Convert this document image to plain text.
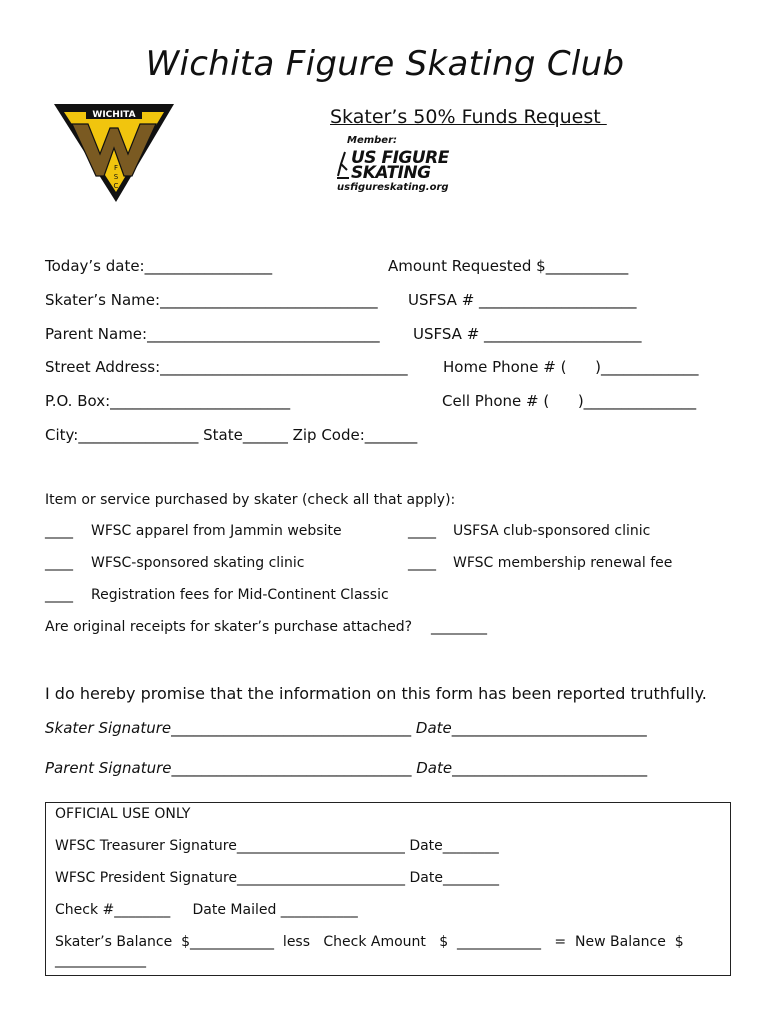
Wichita Figure Skating Club
WICHITA
F
S
C
Skater’s 50% Funds Request
Member:
US FIGURE
SKATING
usfigureskating.org
Today’s date:_________________	Amount Requested $___________
Skater’s Name:_____________________________ USFSA # _____________________
Parent Name:_______________________________ USFSA # _____________________
Street Address:_________________________________ Home Phone # (      )_____________
P.O. Box:________________________	Cell Phone # (      )_______________
City:________________ State______ Zip Code:_______
Item or service purchased by skater (check all that apply):
____ WFSC apparel from Jammin website	____ USFSA club-sponsored clinic
____ WFSC-sponsored skating clinic	____ WFSC membership renewal fee
____ Registration fees for Mid-Continent Classic
Are original receipts for skater’s purchase attached? ________
I do hereby promise that the information on this form has been reported truthfully.
Skater Signature________________________________ Date__________________________
Parent Signature________________________________ Date__________________________
OFFICIAL USE ONLY
WFSC Treasurer Signature________________________ Date________
WFSC President Signature________________________ Date________
Check #________     Date Mailed ___________
Skater’s Balance  $____________  less   Check Amount   $  ____________   =  New Balance  $
_____________
